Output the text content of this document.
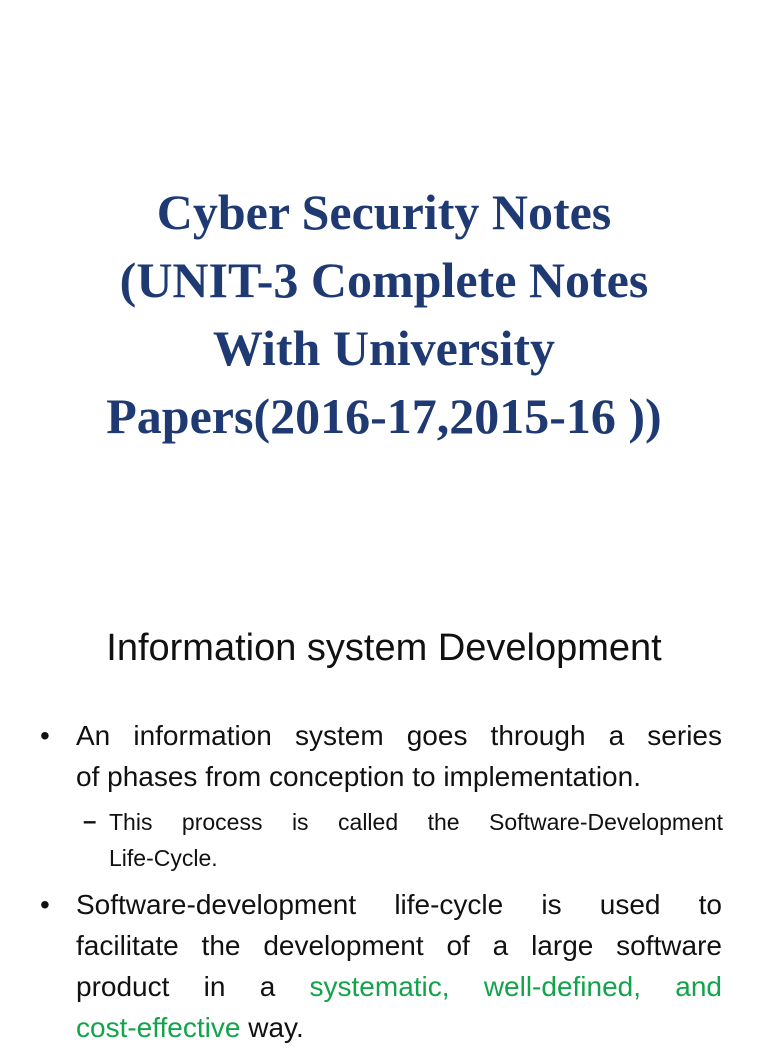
Cyber Security Notes
(UNIT-3 Complete Notes
With University
Papers(2016-17,2015-16 ))
Information system Development
• An information system goes through a series
of phases from conception to implementation.
– This process is called the Software-Development
Life-Cycle.
• Software-development life-cycle is used to
facilitate the development of a large software
product in a systematic, well-defined, and
cost-effective way.
